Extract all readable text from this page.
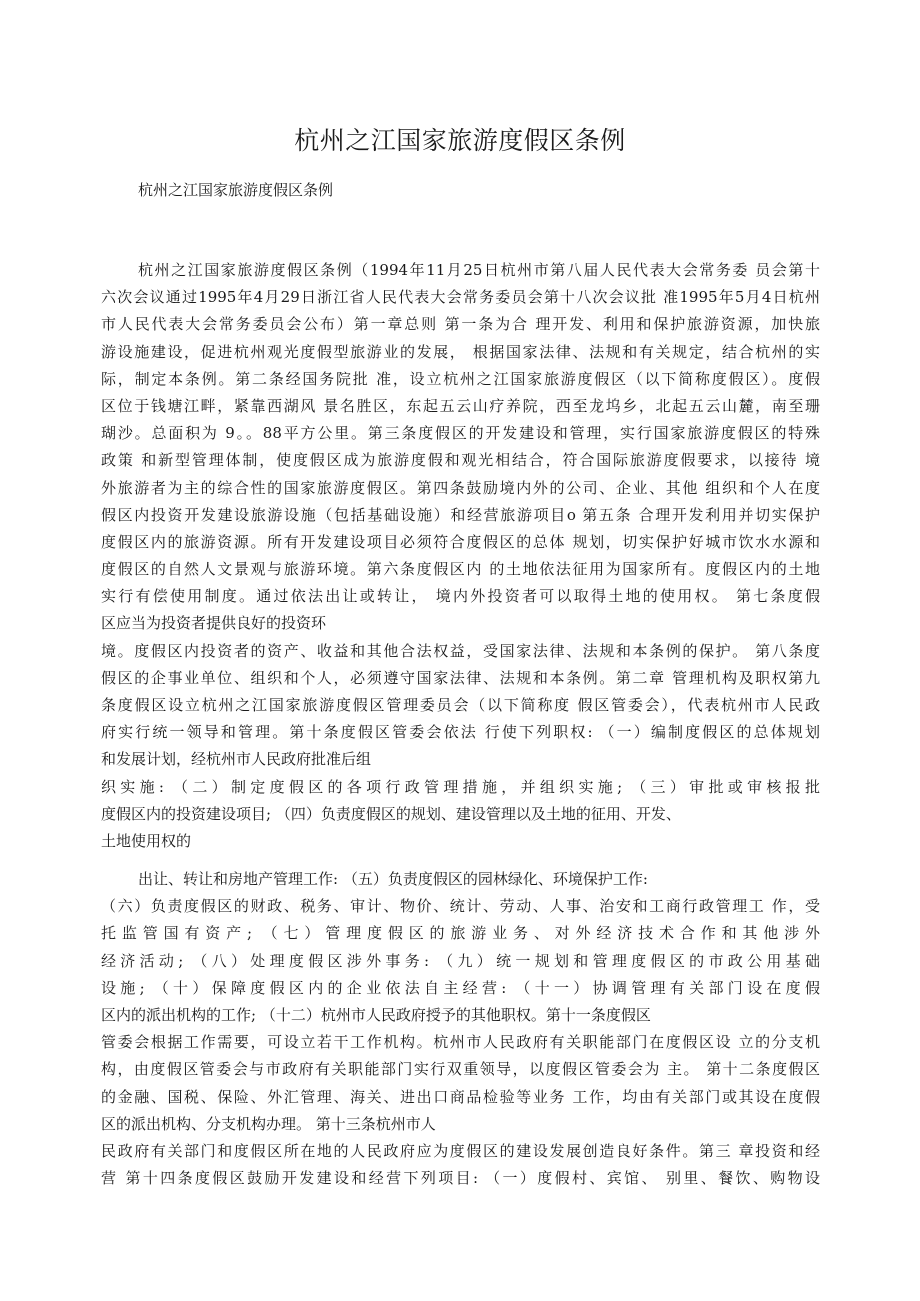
杭州之江国家旅游度假区条例

杭州之江国家旅游度假区条例

杭州之江国家旅游度假区条例（1994年11月25日杭州市第八届人民代表大会常务委 员会第十
六次会议通过1995年4月29日浙江省人民代表大会常务委员会第十八次会议批 准1995年5月4日杭州
市人民代表大会常务委员会公布）第一章总则 第一条为合 理开发、利用和保护旅游资源，加快旅
游设施建设，促进杭州观光度假型旅游业的发展， 根据国家法律、法规和有关规定，结合杭州的实
际，制定本条例。第二条经国务院批 准，设立杭州之江国家旅游度假区（以下简称度假区）。度假
区位于钱塘江畔，紧靠西湖风 景名胜区，东起五云山疗养院，西至龙坞乡，北起五云山麓，南至珊
瑚沙。总面积为 9。。88平方公里。第三条度假区的开发建设和管理，实行国家旅游度假区的特殊
政策 和新型管理体制，使度假区成为旅游度假和观光相结合，符合国际旅游度假要求，以接待 境
外旅游者为主的综合性的国家旅游度假区。第四条鼓励境内外的公司、企业、其他 组织和个人在度
假区内投资开发建设旅游设施（包括基础设施）和经营旅游项目o 第五条 合理开发利用并切实保护
度假区内的旅游资源。所有开发建设项目必须符合度假区的总体 规划，切实保护好城市饮水水源和
度假区的自然人文景观与旅游环境。第六条度假区内 的土地依法征用为国家所有。度假区内的土地
实行有偿使用制度。通过依法出让或转让， 境内外投资者可以取得土地的使用权。 第七条度假
区应当为投资者提供良好的投资环
境。度假区内投资者的资产、收益和其他合法权益，受国家法律、法规和本条例的保护。 第八条度
假区的企事业单位、组织和个人，必须遵守国家法律、法规和本条例。第二章 管理机构及职权第九
条度假区设立杭州之江国家旅游度假区管理委员会（以下简称度 假区管委会），代表杭州市人民政
府实行统一领导和管理。第十条度假区管委会依法 行使下列职权: （一）编制度假区的总体规划
和发展计划，经杭州市人民政府批准后组
织实施: （二）制定度假区的各项行政管理措施，并组织实施; （三）审批或审核报批
度假区内的投资建设项目; （四）负责度假区的规划、建设管理以及土地的征用、开发、
土地使用权的
出让、转让和房地产管理工作: （五）负责度假区的园林绿化、环境保护工作:
（六）负责度假区的财政、税务、审计、物价、统计、劳动、人事、治安和工商行政管理工 作，受
托监管国有资产; （七）管理度假区的旅游业务、对外经济技术合作和其他涉外
经济活动; （八）处理度假区涉外事务: （九）统一规划和管理度假区的市政公用基础
设施; （十）保障度假区内的企业依法自主经营: （十一）协调管理有关部门设在度假
区内的派出机构的工作; （十二）杭州市人民政府授予的其他职权。第十一条度假区
管委会根据工作需要，可设立若干工作机构。杭州市人民政府有关职能部门在度假区设 立的分支机
构，由度假区管委会与市政府有关职能部门实行双重领导，以度假区管委会为 主。 第十二条度假区
的金融、国税、保险、外汇管理、海关、进出口商品检验等业务 工作，均由有关部门或其设在度假
区的派出机构、分支机构办理。 第十三条杭州市人
民政府有关部门和度假区所在地的人民政府应为度假区的建设发展创造良好条件。第三 章投资和经
营 第十四条度假区鼓励开发建设和经营下列项目: （一）度假村、宾馆、 别里、餐饮、购物设
